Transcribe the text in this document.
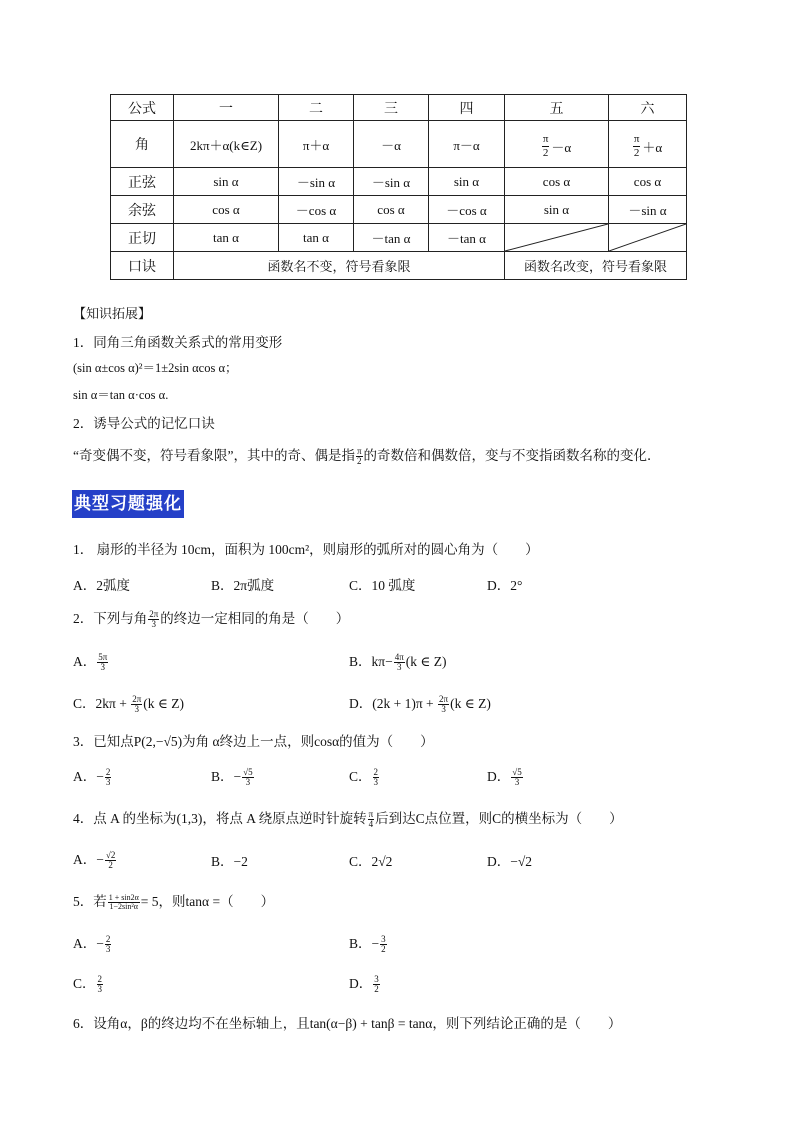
公式	一	二	三	四	五	六
角	2kπ＋α(k∈Z)	π＋α	－α	π－α	$\frac{\pi}{2} -\alpha$	$\frac{\pi}{2} +\alpha$

正弦	sin α	－sin α	－sin α	sin α	cos α	cos α
余弦	cos α	－cos α	cos α	－cos α	sin α	－sin α
正切	tan α	tan α	－tan α	－tan α	

口诀	函数名不变，符号看象限				函数名改变，符号看象限	
【知识拓展】
1．同角三角函数关系式的常用变形
(sin α±cos α)²＝1±2sin αcos α；
sin α＝tan α·cos α.
2．诱导公式的记忆口诀
“奇变偶不变，符号看象限”，其中的奇、偶是指 $\frac{\pi}{2}$ 的奇数倍和偶数倍，变与不变指函数名称的变化．
典型习题强化
1． 扇形的半径为 10cm，面积为 100cm²，则扇形的弧所对的圆心角为（　　）
A．2弧度	B．2π弧度	C．10 弧度	D．2°
2．下列与角 $\frac{2\pi}{3}$ 的终边一定相同的角是（　　）
A． $\frac{5\pi}{3}$	B．$k\pi- \frac{4\pi}{3} (k$ ∈ Z)
C．$2k\pi + \frac{2\pi}{3} (k$ ∈ Z)	D．$(2k + 1)\pi + \frac{2\pi}{3} (k$ ∈ Z)
3．已知点P(2,−√5)为角 α终边上一点，则cosα的值为（　　）
A．− $\frac{2}{3}$	B．− $\frac{√5}{3}$	C． $\frac{2}{3}$	D． $\frac{√5}{3}$
4．点 A 的坐标为(1,3)，将点 A 绕原点逆时针旋转 $\frac{\pi}{4}$ 后到达C点位置，则C的横坐标为（　　）
A．− $\frac{√2}{2}$	B．−2	C．2√2	D．−√2
5．若 $\frac{1 + \sin 2\alpha}{\text{1−2sin²α}} = 5$，则tanα =（　　）
A．− $\frac{2}{3}$	B．− $\frac{3}{2}$
C． $\frac{2}{3}$	D． $\frac{3}{2}$
6．设角α，β的终边均不在坐标轴上，且tan(α−β) + tanβ = tanα，则下列结论正确的是（　　）
